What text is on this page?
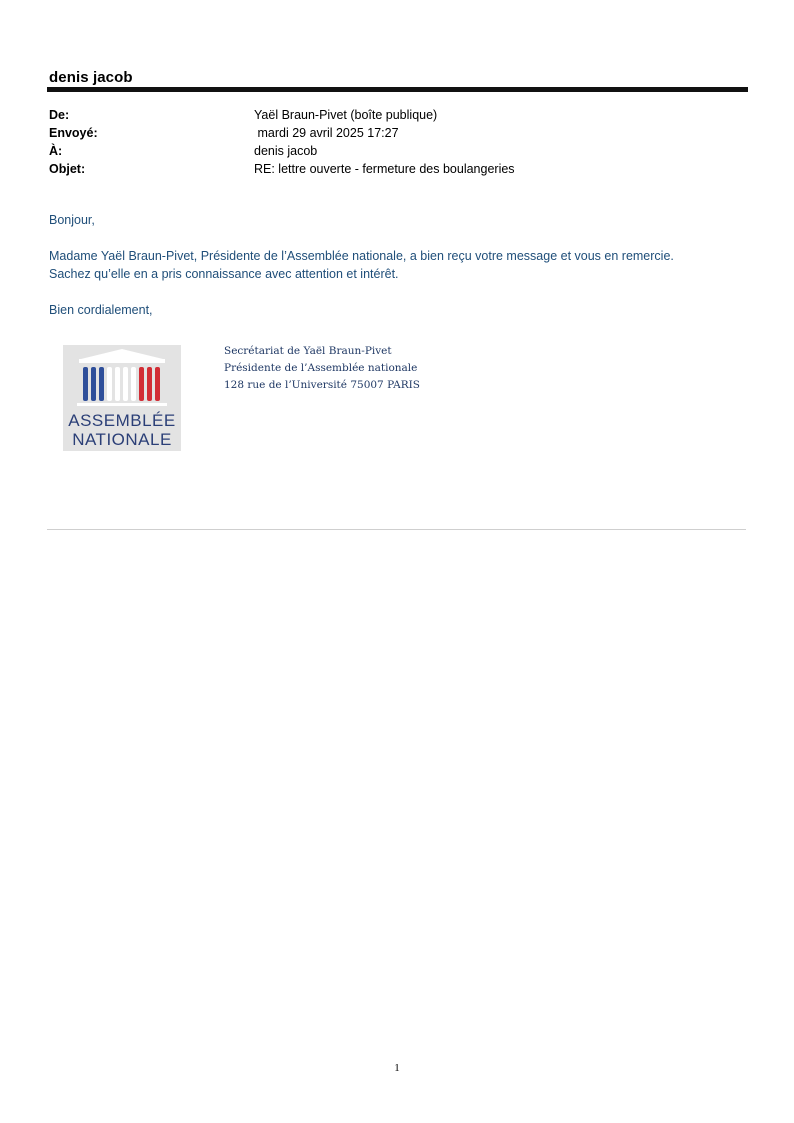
denis jacob
De:	Yaël Braun-Pivet (boîte publique)
Envoyé:	mardi 29 avril 2025 17:27
À:	denis jacob
Objet:	RE: lettre ouverte - fermeture des boulangeries

Bonjour,

Madame Yaël Braun-Pivet, Présidente de l’Assemblée nationale, a bien reçu votre message et vous en remercie.

Sachez qu’elle en a pris connaissance avec attention et intérêt.

Bien cordialement,

ASSEMBLÉE
NATIONALE
Secrétariat de Yaël Braun-Pivet
Présidente de l’Assemblée nationale
128 rue de l’Université 75007 PARIS
1
